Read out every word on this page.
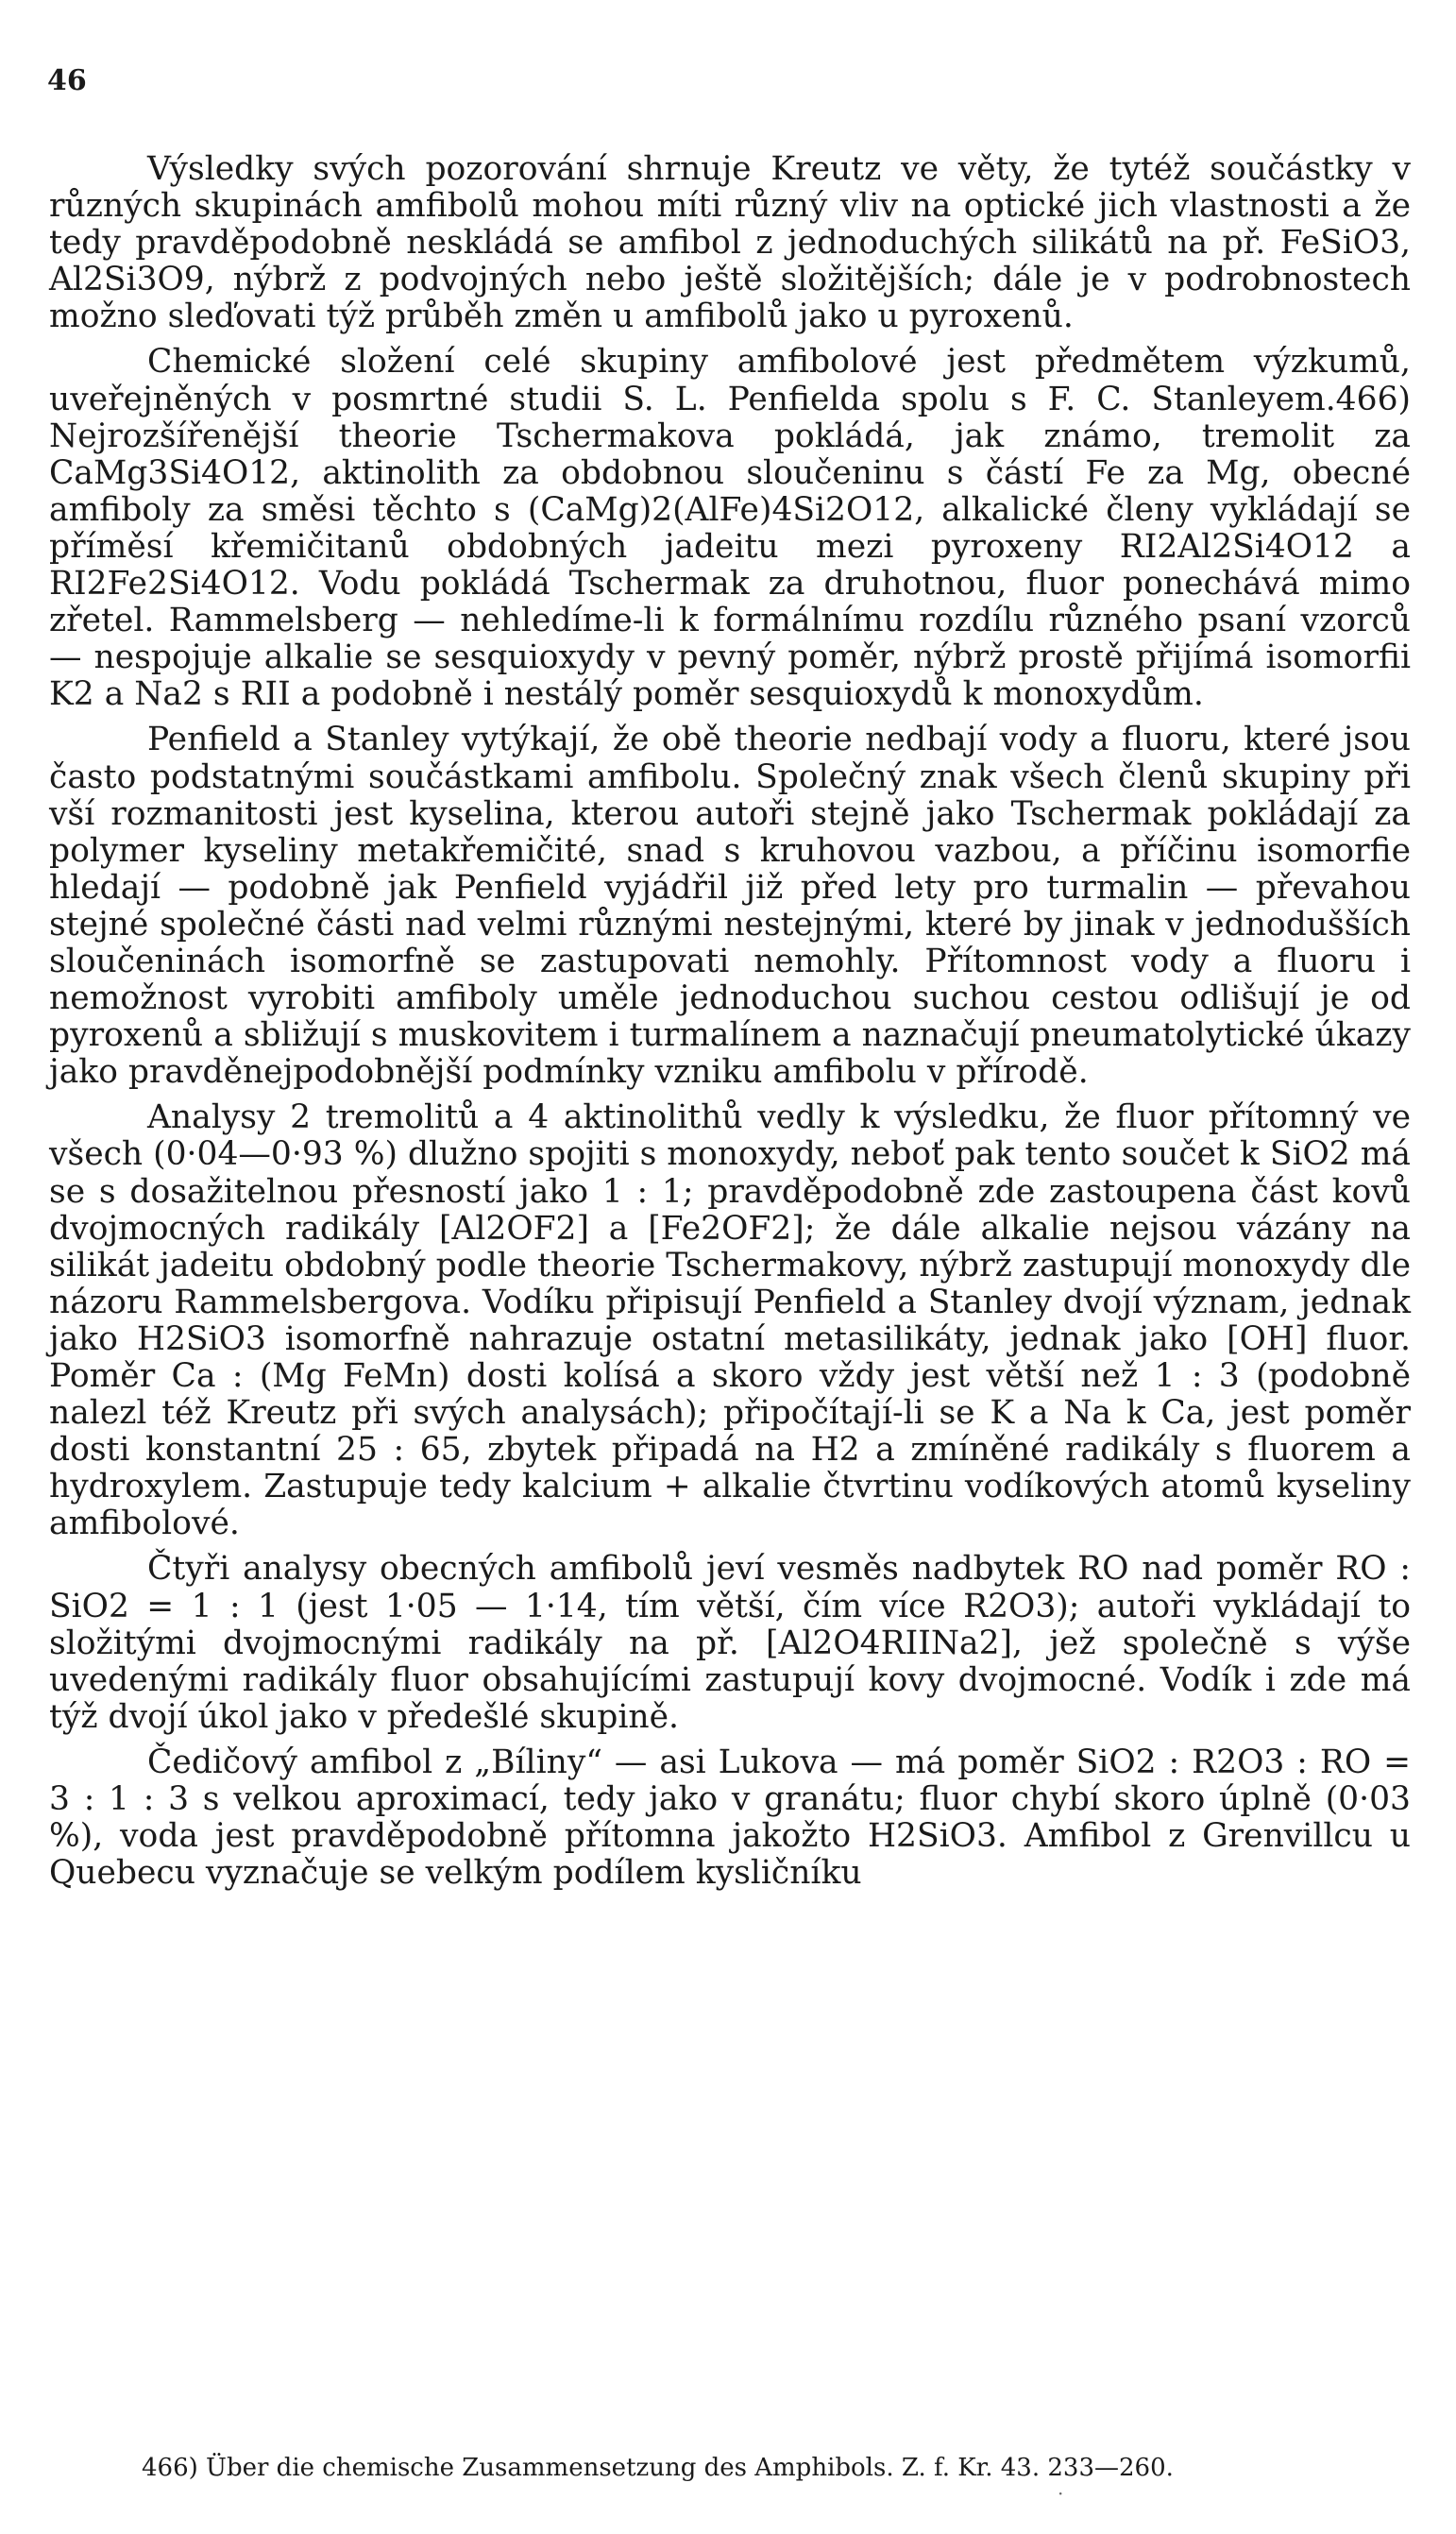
46

Výsledky svých pozorování shrnuje Kreutz ve věty, že tytéž součástky v různých skupinách amfibolů mohou míti různý vliv na optické jich vlastnosti a že tedy pravděpodobně neskládá se amfibol z jednoduchých silikátů na př. FeSiO3, Al2Si3O9, nýbrž z podvojných nebo ještě složitějších; dále je v podrobnostech možno sleďovati týž průběh změn u amfibolů jako u pyroxenů.

Chemické složení celé skupiny amfibolové jest předmětem výzkumů, uveřejněných v posmrtné studii S. L. Penfielda spolu s F. C. Stanleyem.466) Nejrozšířenější theorie Tschermakova pokládá, jak známo, tremolit za CaMg3Si4O12, aktinolith za obdobnou sloučeninu s částí Fe za Mg, obecné amfiboly za směsi těchto s (CaMg)2(AlFe)4Si2O12, alkalické členy vykládají se příměsí křemičitanů obdobných jadeitu mezi pyroxeny RI2Al2Si4O12 a RI2Fe2Si4O12. Vodu pokládá Tschermak za druhotnou, fluor ponechává mimo zřetel. Rammelsberg — nehledíme-li k formálnímu rozdílu různého psaní vzorců — nespojuje alkalie se sesquioxydy v pevný poměr, nýbrž prostě přijímá isomorfii K2 a Na2 s RII a podobně i nestálý poměr sesquioxydů k monoxydům.

Penfield a Stanley vytýkají, že obě theorie nedbají vody a fluoru, které jsou často podstatnými součástkami amfibolu. Společný znak všech členů skupiny při vší rozmanitosti jest kyselina, kterou autoři stejně jako Tschermak pokládají za polymer kyseliny metakřemičité, snad s kruhovou vazbou, a příčinu isomorfie hledají — podobně jak Penfield vyjádřil již před lety pro turmalin — převahou stejné společné části nad velmi různými nestejnými, které by jinak v jednodušších sloučeninách isomorfně se zastupovati nemohly. Přítomnost vody a fluoru i nemožnost vyrobiti amfiboly uměle jednoduchou suchou cestou odlišují je od pyroxenů a sbližují s muskovitem i turmalínem a naznačují pneumatolytické úkazy jako pravděnejpodobnější podmínky vzniku amfibolu v přírodě.

Analysy 2 tremolitů a 4 aktinolithů vedly k výsledku, že fluor přítomný ve všech (0·04—0·93 %) dlužno spojiti s monoxydy, neboť pak tento součet k SiO2 má se s dosažitelnou přesností jako 1 : 1; pravděpodobně zde zastoupena část kovů dvojmocných radikály [Al2OF2] a [Fe2OF2]; že dále alkalie nejsou vázány na silikát jadeitu obdobný podle theorie Tschermakovy, nýbrž zastupují monoxydy dle názoru Rammelsbergova. Vodíku připisují Penfield a Stanley dvojí význam, jednak jako H2SiO3 isomorfně nahrazuje ostatní metasilikáty, jednak jako [OH] fluor. Poměr Ca : (Mg FeMn) dosti kolísá a skoro vždy jest větší než 1 : 3 (podobně nalezl též Kreutz při svých analysách); připočítají-li se K a Na k Ca, jest poměr dosti konstantní 25 : 65, zbytek připadá na H2 a zmíněné radikály s fluorem a hydroxylem. Zastupuje tedy kalcium + alkalie čtvrtinu vodíkových atomů kyseliny amfibolové.

Čtyři analysy obecných amfibolů jeví vesměs nadbytek RO nad poměr RO : SiO2 = 1 : 1 (jest 1·05 — 1·14, tím větší, čím více R2O3); autoři vykládají to složitými dvojmocnými radikály na př. [Al2O4RIINa2], jež společně s výše uvedenými radikály fluor obsahujícími zastupují kovy dvojmocné. Vodík i zde má týž dvojí úkol jako v předešlé skupině.

Čedičový amfibol z „Bíliny“ — asi Lukova — má poměr SiO2 : R2O3 : RO = 3 : 1 : 3 s velkou aproximací, tedy jako v granátu; fluor chybí skoro úplně (0·03 %), voda jest pravděpodobně přítomna jakožto H2SiO3. Amfibol z Grenvillcu u Quebecu vyznačuje se velkým podílem kysličníku

466) Über die chemische Zusammensetzung des Amphibols. Z. f. Kr. 43. 233—260.
·
